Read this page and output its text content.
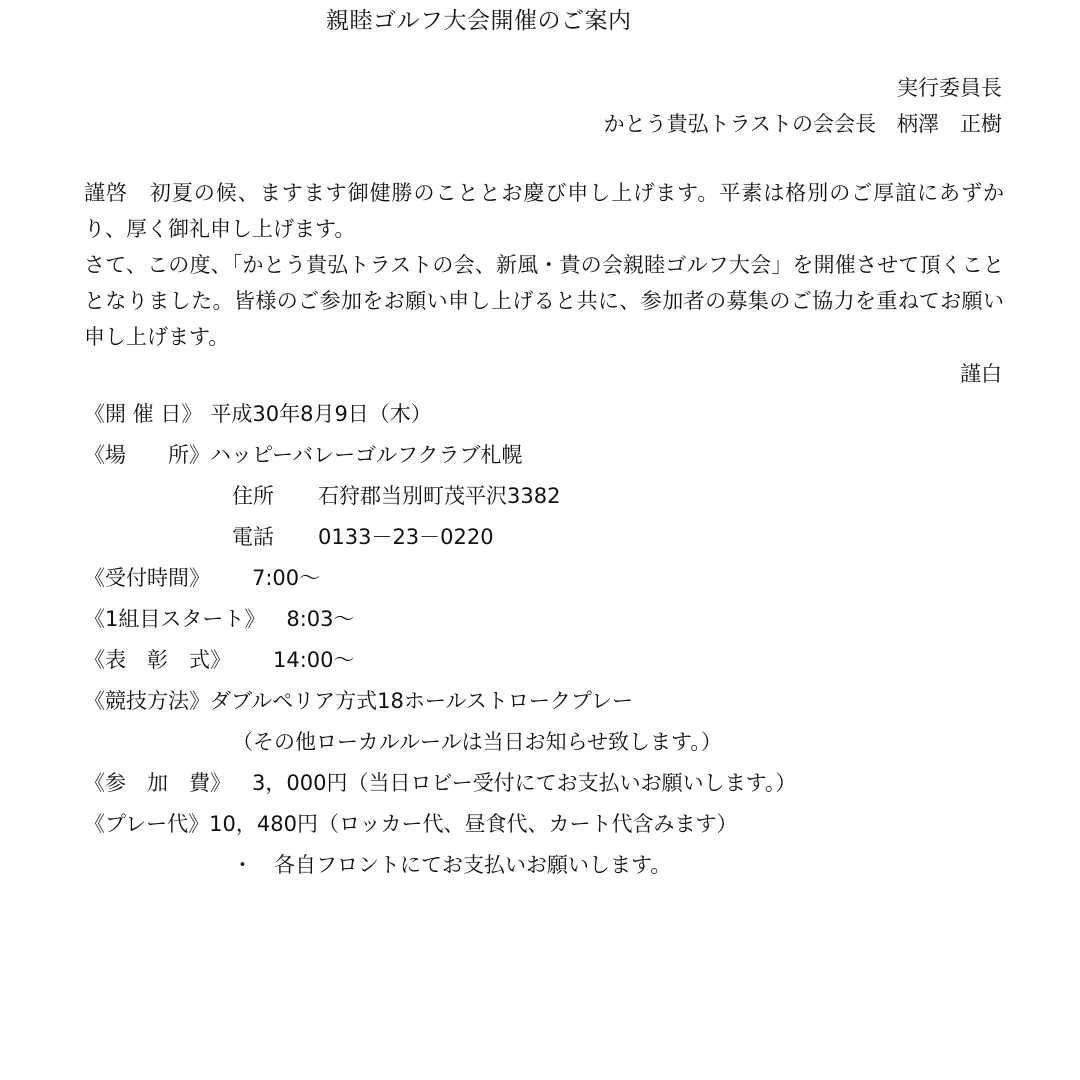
親睦ゴルフ大会開催のご案内
実行委員長
かとう貴弘トラストの会会長　柄澤　正樹

謹啓　初夏の候、ますます御健勝のこととお慶び申し上げます。平素は格別のご厚誼にあずかり、厚く御礼申し上げます。

さて、この度、「かとう貴弘トラストの会、新風・貴の会親睦ゴルフ大会」を開催させて頂くこととなりました。皆様のご参加をお願い申し上げると共に、参加者の募集のご協力を重ねてお願い申し上げます。

謹白
《開 催 日》 平成30年8月9日（木）
《場　　所》 ハッピーバレーゴルフクラブ札幌
住所	石狩郡当別町茂平沢3382
電話	0133－23－0220
《受付時間》 　　7:00～
《1組目スタート》 　8:03～
《表　彰　式》 　　14:00～
《競技方法》 ダブルペリア方式18ホールストロークプレー
（その他ローカルルールは当日お知らせ致します。）
《参　加　費》 　3，000円（当日ロビー受付にてお支払いお願いします。）
《プレー代》 10，480円（ロッカー代、昼食代、カート代含みます）
・　各自フロントにてお支払いお願いします。
